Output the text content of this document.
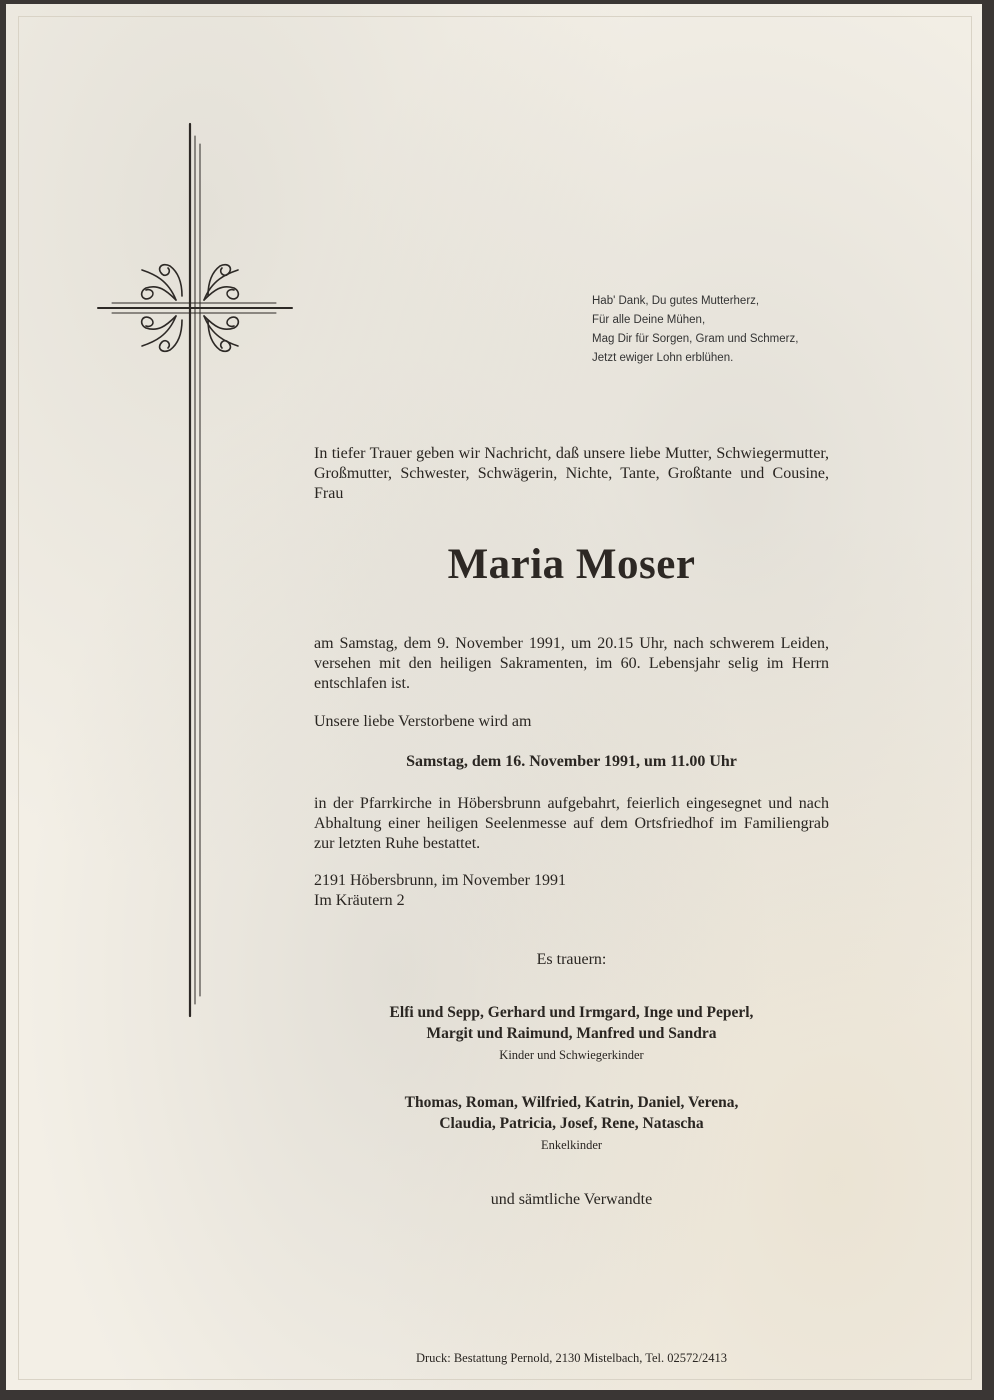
Hab' Dank, Du gutes Mutterherz,
Für alle Deine Mühen,
Mag Dir für Sorgen, Gram und Schmerz,
Jetzt ewiger Lohn erblühen.
In tiefer Trauer geben wir Nachricht, daß unsere liebe Mutter, Schwiegermutter, Großmutter, Schwester, Schwägerin, Nichte, Tante, Großtante und Cousine, Frau
Maria Moser
am Samstag, dem 9. November 1991, um 20.15 Uhr, nach schwerem Leiden, versehen mit den heiligen Sakramenten, im 60. Lebensjahr selig im Herrn entschlafen ist.
Unsere liebe Verstorbene wird am
Samstag, dem 16. November 1991, um 11.00 Uhr
in der Pfarrkirche in Höbersbrunn aufgebahrt, feierlich eingesegnet und nach Abhaltung einer heiligen Seelenmesse auf dem Ortsfriedhof im Familiengrab zur letzten Ruhe bestattet.
2191 Höbersbrunn, im November 1991
Im Kräutern 2
Es trauern:
Elfi und Sepp, Gerhard und Irmgard, Inge und Peperl,
Margit und Raimund, Manfred und Sandra
Kinder und Schwiegerkinder
Thomas, Roman, Wilfried, Katrin, Daniel, Verena,
Claudia, Patricia, Josef, Rene, Natascha
Enkelkinder
und sämtliche Verwandte
Druck: Bestattung Pernold, 2130 Mistelbach, Tel. 02572/2413
